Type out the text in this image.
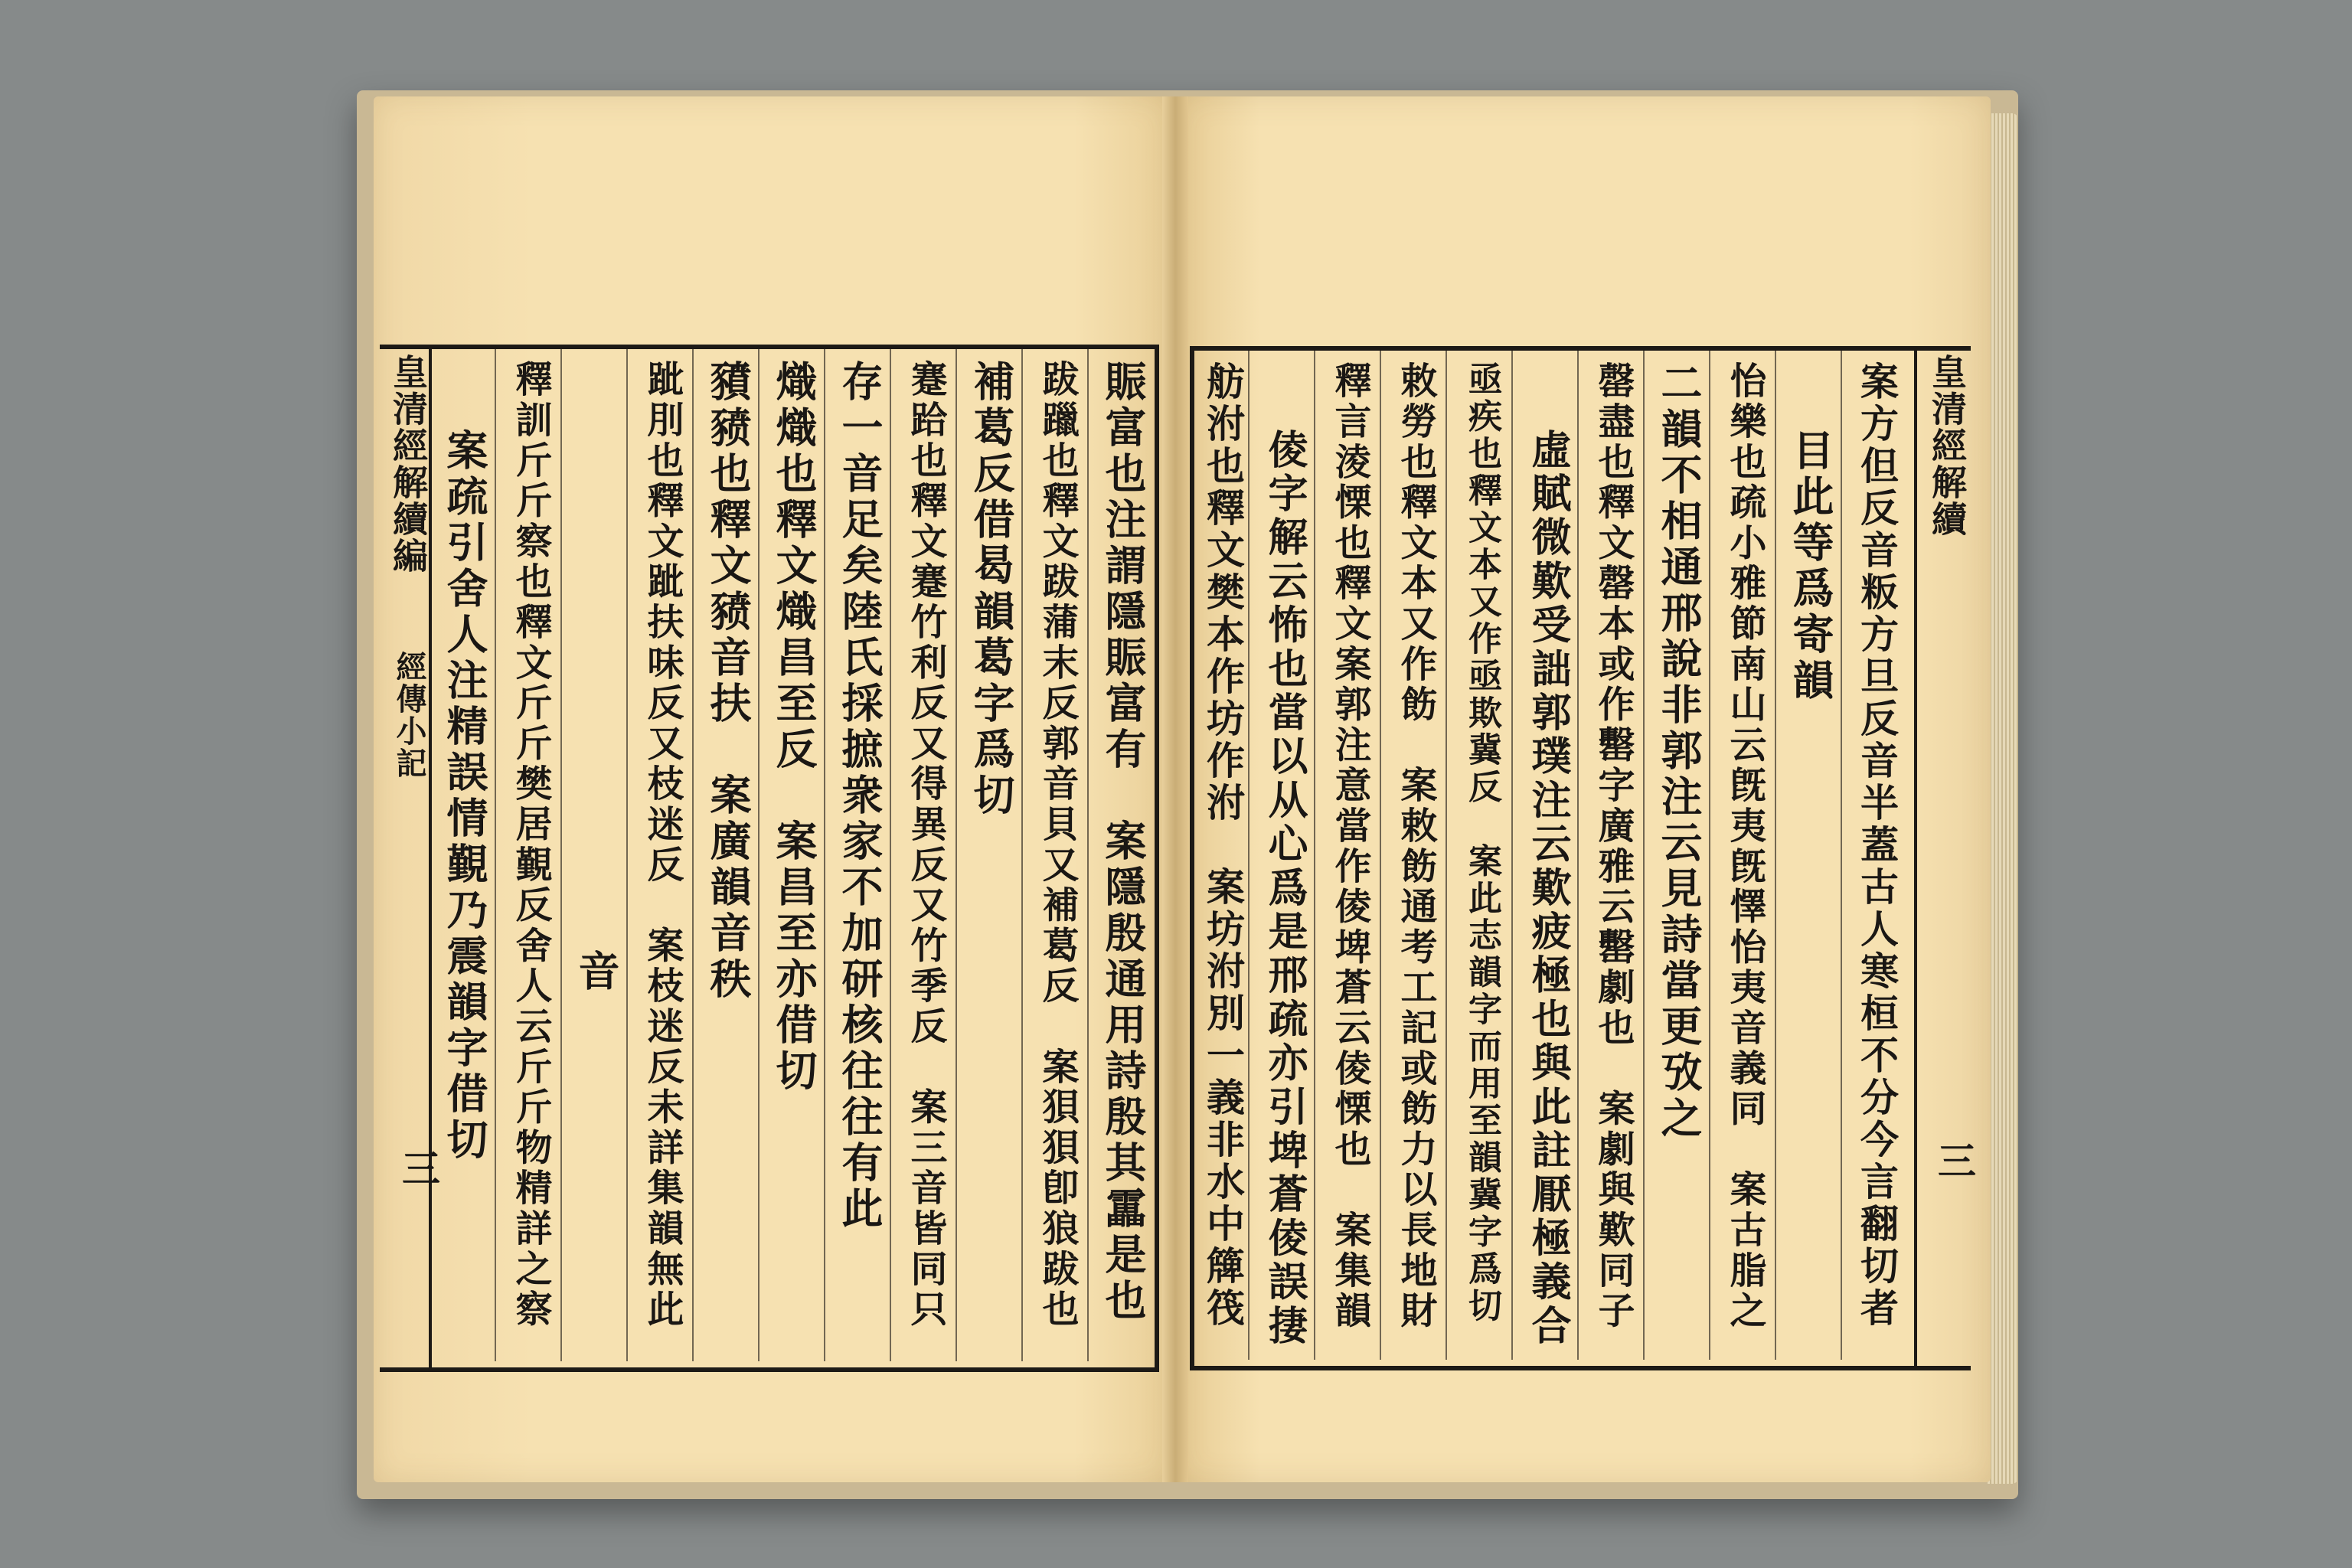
皇清經解續編
經傳小記
三
皇清經解續
三
賑富也注謂隱賑富有　案隱殷通用詩殷其靁是也
跋躐也釋文跋蒲末反郭音貝又補葛反　案狽狽卽狼跋也
補葛反借曷韻葛字爲切
蹇跲也釋文蹇竹利反又得異反又竹季反　案三音皆同只
存一音足矣陸氏採摭衆家不加研核往往有此
熾熾也釋文熾昌至反　案昌至亦借切
豶豮也釋文豮音扶　案廣韻音秩
跐刖也釋文跐扶味反又枝迷反　案枝迷反未詳集韻無此
音
釋訓斤斤察也釋文斤斤樊居覲反舍人云斤斤物精詳之察
案疏引舍人注精誤情覲乃震韻字借切	案方但反音粄方旦反音半蓋古人寒桓不分今言翻切者
目此等爲寄韻
怡樂也疏小雅節南山云旣夷旣懌怡夷音義同　案古脂之
二韻不相通邢說非郭注云見詩當更攷之
罄盡也釋文罄本或作罊字廣雅云罊劇也　案劇與歎同子
虛賦微歎受詘郭璞注云歎疲極也與此註厭極義合
亟疾也釋文本又作亟欺冀反　案此志韻字而用至韻冀字爲切
敕勞也釋文本又作飭　案敕飭通考工記或飭力以長地財
釋言淩慄也釋文案郭注意當作倰埤蒼云倰慄也　案集韻
倰字解云怖也當以从心爲是邢疏亦引埤蒼倰誤捿
舫泭也釋文樊本作坊作泭　案坊泭別一義非水中簰筏
